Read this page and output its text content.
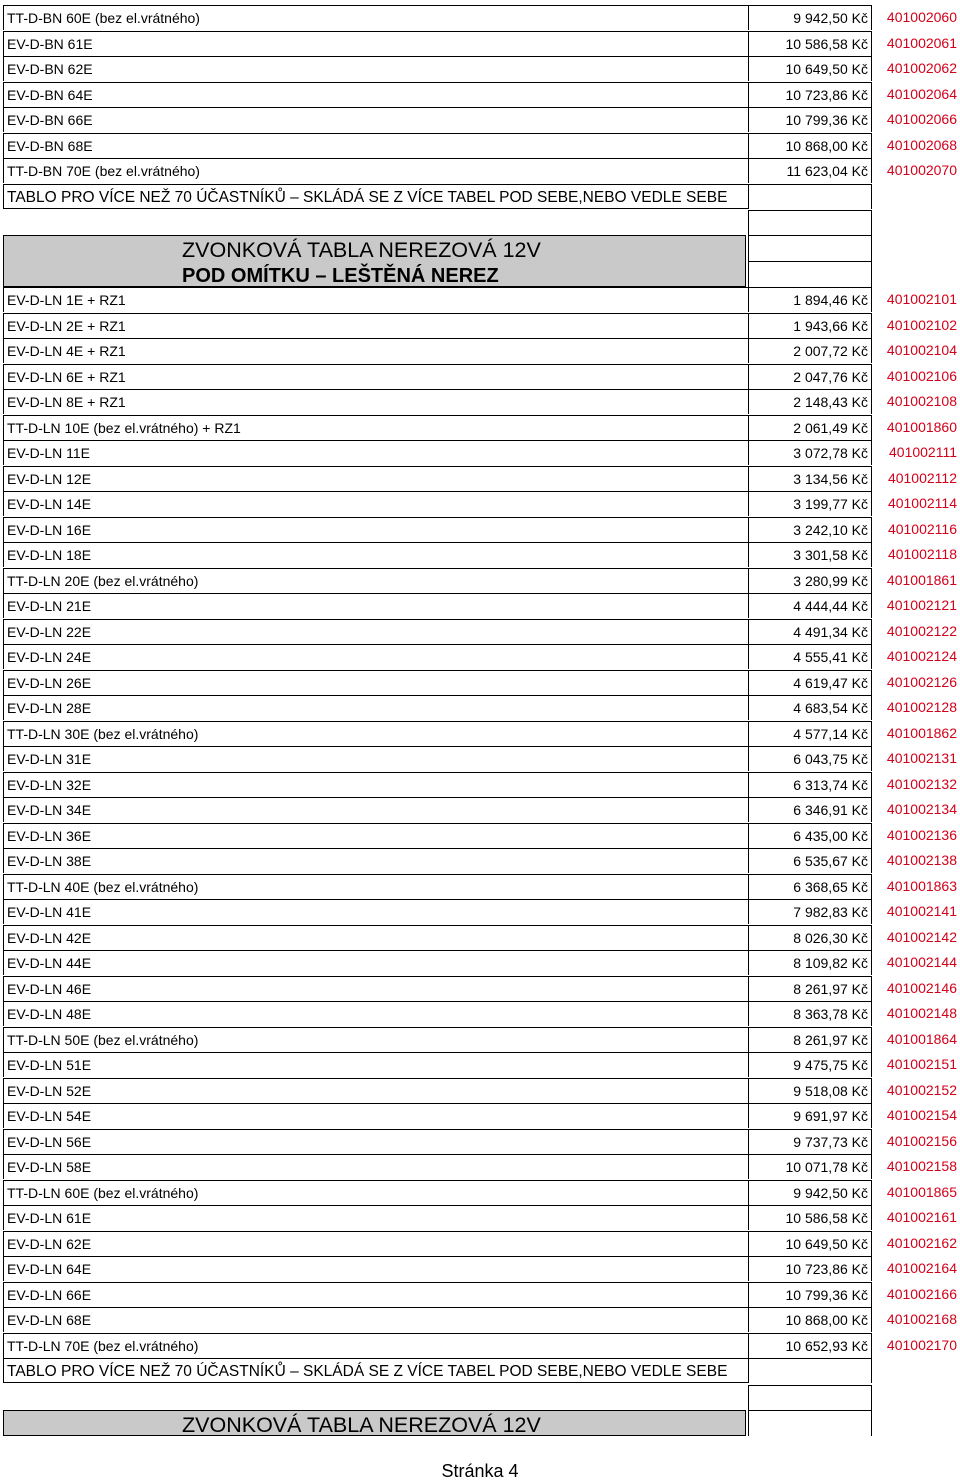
TT-D-BN 60E (bez el.vrátného)	9 942,50 Kč	401002060
EV-D-BN 61E	10 586,58 Kč	401002061
EV-D-BN 62E	10 649,50 Kč	401002062
EV-D-BN 64E	10 723,86 Kč	401002064
EV-D-BN 66E	10 799,36 Kč	401002066
EV-D-BN 68E	10 868,00 Kč	401002068
TT-D-BN 70E (bez el.vrátného)	11 623,04 Kč	401002070
TABLO PRO VÍCE NEŽ 70 ÚČASTNÍKŮ – SKLÁDÁ SE Z VÍCE TABEL POD SEBE,NEBO VEDLE SEBE
ZVONKOVÁ TABLA NEREZOVÁ 12V
POD OMÍTKU – LEŠTĚNÁ NEREZ
EV-D-LN 1E + RZ1	1 894,46 Kč	401002101
EV-D-LN 2E + RZ1	1 943,66 Kč	401002102
EV-D-LN 4E + RZ1	2 007,72 Kč	401002104
EV-D-LN 6E + RZ1	2 047,76 Kč	401002106
EV-D-LN 8E + RZ1	2 148,43 Kč	401002108
TT-D-LN 10E (bez el.vrátného) + RZ1	2 061,49 Kč	401001860
EV-D-LN 11E	3 072,78 Kč	401002111
EV-D-LN 12E	3 134,56 Kč	401002112
EV-D-LN 14E	3 199,77 Kč	401002114
EV-D-LN 16E	3 242,10 Kč	401002116
EV-D-LN 18E	3 301,58 Kč	401002118
TT-D-LN 20E (bez el.vrátného)	3 280,99 Kč	401001861
EV-D-LN 21E	4 444,44 Kč	401002121
EV-D-LN 22E	4 491,34 Kč	401002122
EV-D-LN 24E	4 555,41 Kč	401002124
EV-D-LN 26E	4 619,47 Kč	401002126
EV-D-LN 28E	4 683,54 Kč	401002128
TT-D-LN 30E (bez el.vrátného)	4 577,14 Kč	401001862
EV-D-LN 31E	6 043,75 Kč	401002131
EV-D-LN 32E	6 313,74 Kč	401002132
EV-D-LN 34E	6 346,91 Kč	401002134
EV-D-LN 36E	6 435,00 Kč	401002136
EV-D-LN 38E	6 535,67 Kč	401002138
TT-D-LN 40E (bez el.vrátného)	6 368,65 Kč	401001863
EV-D-LN 41E	7 982,83 Kč	401002141
EV-D-LN 42E	8 026,30 Kč	401002142
EV-D-LN 44E	8 109,82 Kč	401002144
EV-D-LN 46E	8 261,97 Kč	401002146
EV-D-LN 48E	8 363,78 Kč	401002148
TT-D-LN 50E (bez el.vrátného)	8 261,97 Kč	401001864
EV-D-LN 51E	9 475,75 Kč	401002151
EV-D-LN 52E	9 518,08 Kč	401002152
EV-D-LN 54E	9 691,97 Kč	401002154
EV-D-LN 56E	9 737,73 Kč	401002156
EV-D-LN 58E	10 071,78 Kč	401002158
TT-D-LN 60E (bez el.vrátného)	9 942,50 Kč	401001865
EV-D-LN 61E	10 586,58 Kč	401002161
EV-D-LN 62E	10 649,50 Kč	401002162
EV-D-LN 64E	10 723,86 Kč	401002164
EV-D-LN 66E	10 799,36 Kč	401002166
EV-D-LN 68E	10 868,00 Kč	401002168
TT-D-LN 70E (bez el.vrátného)	10 652,93 Kč	401002170
TABLO PRO VÍCE NEŽ 70 ÚČASTNÍKŮ – SKLÁDÁ SE Z VÍCE TABEL POD SEBE,NEBO VEDLE SEBE
ZVONKOVÁ TABLA NEREZOVÁ 12V
Stránka 4
